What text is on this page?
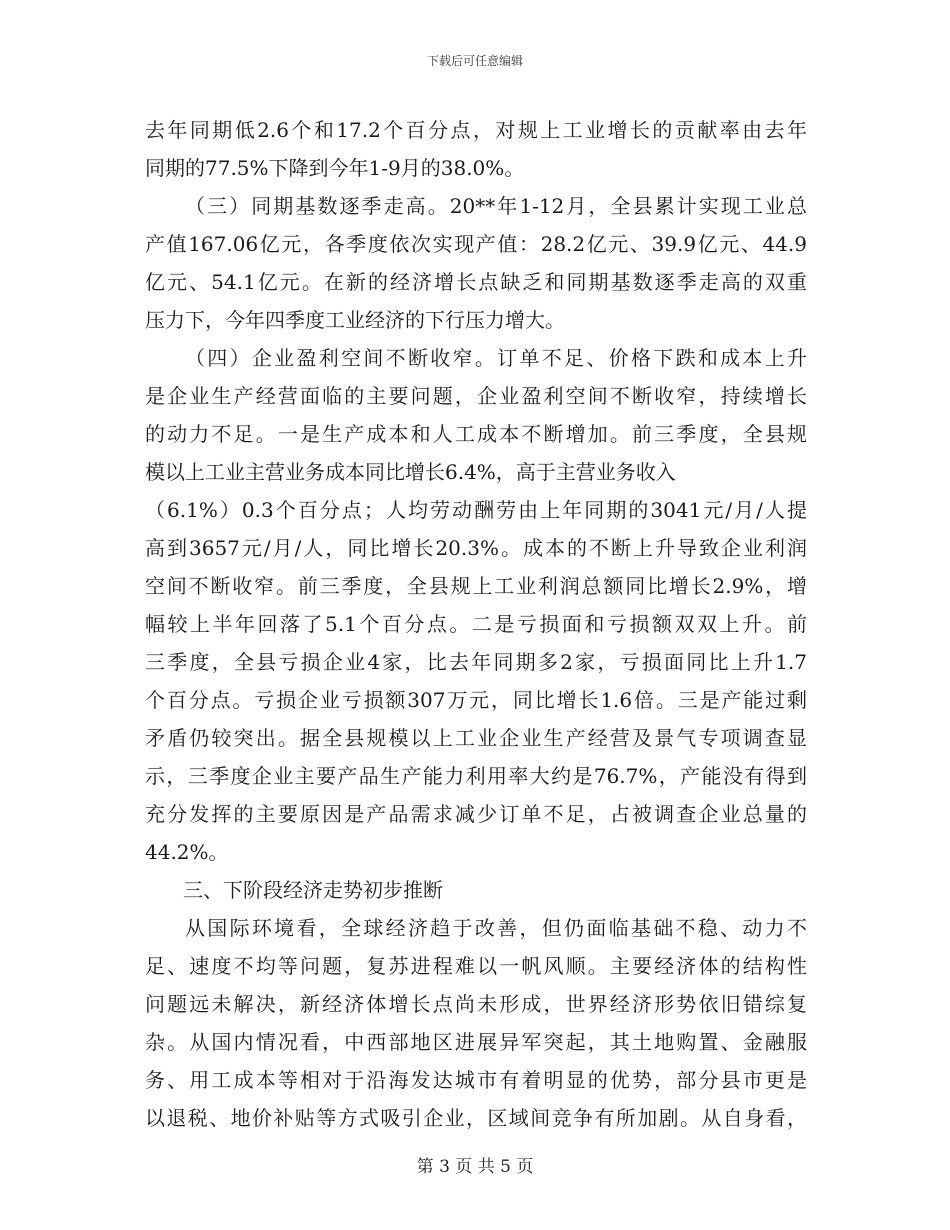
下载后可任意编辑
去年同期低2.6个和17.2个百分点，对规上工业增长的贡献率由去年
同期的77.5%下降到今年1-9月的38.0%。
（三）同期基数逐季走高。20**年1-12月，全县累计实现工业总
产值167.06亿元，各季度依次实现产值：28.2亿元、39.9亿元、44.9
亿元、54.1亿元。在新的经济增长点缺乏和同期基数逐季走高的双重
压力下，今年四季度工业经济的下行压力增大。
（四）企业盈利空间不断收窄。订单不足、价格下跌和成本上升
是企业生产经营面临的主要问题，企业盈利空间不断收窄，持续增长
的动力不足。一是生产成本和人工成本不断增加。前三季度，全县规
模以上工业主营业务成本同比增长6.4%，高于主营业务收入
（6.1%）0.3个百分点；人均劳动酬劳由上年同期的3041元/月/人提
高到3657元/月/人，同比增长20.3%。成本的不断上升导致企业利润
空间不断收窄。前三季度，全县规上工业利润总额同比增长2.9%，增
幅较上半年回落了5.1个百分点。二是亏损面和亏损额双双上升。前
三季度，全县亏损企业4家，比去年同期多2家，亏损面同比上升1.7
个百分点。亏损企业亏损额307万元，同比增长1.6倍。三是产能过剩
矛盾仍较突出。据全县规模以上工业企业生产经营及景气专项调查显
示，三季度企业主要产品生产能力利用率大约是76.7%，产能没有得到
充分发挥的主要原因是产品需求减少订单不足，占被调查企业总量的
44.2%。
三、下阶段经济走势初步推断
从国际环境看，全球经济趋于改善，但仍面临基础不稳、动力不
足、速度不均等问题，复苏进程难以一帆风顺。主要经济体的结构性
问题远未解决，新经济体增长点尚未形成，世界经济形势依旧错综复
杂。从国内情况看，中西部地区进展异军突起，其土地购置、金融服
务、用工成本等相对于沿海发达城市有着明显的优势，部分县市更是
以退税、地价补贴等方式吸引企业，区域间竞争有所加剧。从自身看，
第 3 页 共 5 页
